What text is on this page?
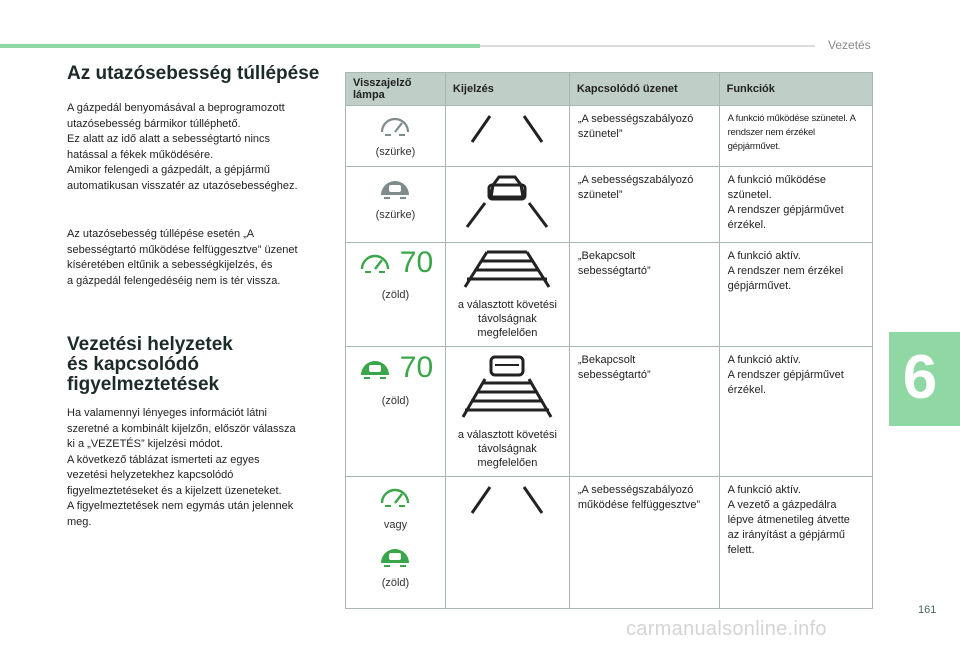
Vezetés
6
161
carmanualsonline.info
Az utazósebesség túllépése
A gázpedál benyomásával a beprogramozott
utazósebesség bármikor túlléphető.
Ez alatt az idő alatt a sebességtartó nincs
hatással a fékek működésére.
Amikor felengedi a gázpedált, a gépjármű
automatikusan visszatér az utazósebességhez.
Az utazósebesség túllépése esetén „A
sebességtartó működése felfüggesztve” üzenet
kíséretében eltűnik a sebességkijelzés, és
a gázpedál felengedéséig nem is tér vissza.
Vezetési helyzetek
és kapcsolódó
figyelmeztetések
Ha valamennyi lényeges információt látni
szeretné a kombinált kijelzőn, először válassza
ki a „VEZETÉS” kijelzési módot.
A következő táblázat ismerteti az egyes
vezetési helyzetekhez kapcsolódó
figyelmeztetéseket és a kijelzett üzeneteket.
A figyelmeztetések nem egymás után jelennek
meg.
Visszajelző lámpa	Kijelzés	Kapcsolódó üzenet	Funkciók

(szürke)		„A sebességszabályozó szünetel”	A funkció működése szünetel. A rendszer nem érzékel gépjárművet.

(szürke)		„A sebességszabályozó szünetel”	A funkció működése szünetel.
A rendszer gépjárművet érzékel.

70
(zöld)	a választott követési távolságnak megfelelően	„Bekapcsolt sebességtartó”	A funkció aktív.
A rendszer nem érzékel gépjárművet.

70
(zöld)	a választott követési távolságnak megfelelően	„Bekapcsolt sebességtartó”	A funkció aktív.
A rendszer gépjárművet érzékel.

vagy
(zöld)		„A sebességszabályozó működése felfüggesztve”	A funkció aktív.
A vezető a gázpedálra lépve átmenetileg átvette az irányítást a gépjármű felett.
